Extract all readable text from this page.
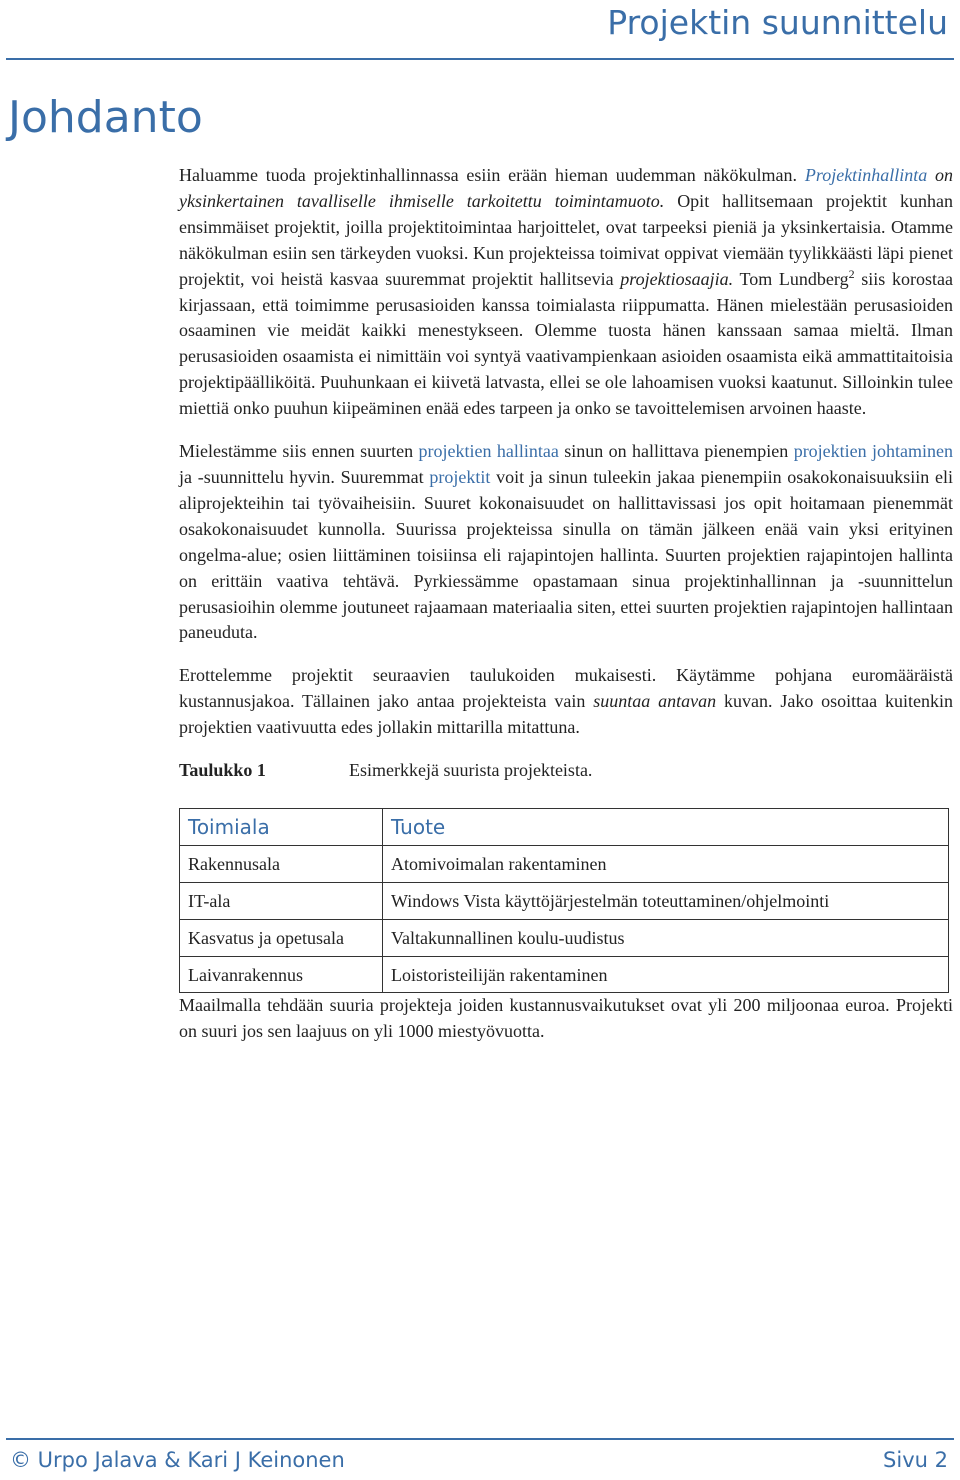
Projektin suunnittelu
Johdanto

Haluamme tuoda projektinhallinnassa esiin erään hieman uudemman näkökulman. Projektinhallinta on yksinkertainen tavalliselle ihmiselle tarkoitettu toimintamuoto. Opit hallitsemaan projektit kunhan ensimmäiset projektit, joilla projektitoimintaa harjoittelet, ovat tarpeeksi pieniä ja yksinkertaisia. Otamme näkökulman esiin sen tärkeyden vuoksi. Kun projekteissa toimivat oppivat viemään tyylikkäästi läpi pienet projektit, voi heistä kasvaa suuremmat projektit hallitsevia projektiosaajia. Tom Lundberg$^2$ siis korostaa kirjassaan, että toimimme perusasioiden kanssa toimialasta riippumatta. Hänen mielestään perusasioiden osaaminen vie meidät kaikki menestykseen. Olemme tuosta hänen kanssaan samaa mieltä. Ilman perusasioiden osaamista ei nimittäin voi syntyä vaativampienkaan asioiden osaamista eikä ammattitaitoisia projektipäälliköitä. Puuhunkaan ei kiivetä latvasta, ellei se ole lahoamisen vuoksi kaatunut. Silloinkin tulee miettiä onko puuhun kiipeäminen enää edes tarpeen ja onko se tavoittelemisen arvoinen haaste.

Mielestämme siis ennen suurten projektien hallintaa sinun on hallittava pienempien projektien johtaminen ja -suunnittelu hyvin. Suuremmat projektit voit ja sinun tuleekin jakaa pienempiin osakokonaisuuksiin eli aliprojekteihin tai työvaiheisiin. Suuret kokonaisuudet on hallittavissasi jos opit hoitamaan pienemmät osakokonaisuudet kunnolla. Suurissa projekteissa sinulla on tämän jälkeen enää vain yksi erityinen ongelma-alue; osien liittäminen toisiinsa eli rajapintojen hallinta. Suurten projektien rajapintojen hallinta on erittäin vaativa tehtävä. Pyrkiessämme opastamaan sinua projektinhallinnan ja -suunnittelun perusasioihin olemme joutuneet rajaamaan materiaalia siten, ettei suurten projektien rajapintojen hallintaan paneuduta.

Erottelemme projektit seuraavien taulukoiden mukaisesti. Käytämme pohjana euromääräistä kustannusjakoa. Tällainen jako antaa projekteista vain suuntaa antavan kuvan. Jako osoittaa kuitenkin projektien vaativuutta edes jollakin mittarilla mitattuna.

Taulukko 1	Esimerkkejä suurista projekteista.
Toimiala	Tuote
Rakennusala	Atomivoimalan rakentaminen
IT-ala	Windows Vista käyttöjärjestelmän toteuttaminen/ohjelmointi
Kasvatus ja opetusala	Valtakunnallinen koulu-uudistus
Laivanrakennus	Loistoristeilijän rakentaminen

Maailmalla tehdään suuria projekteja joiden kustannusvaikutukset ovat yli 200 miljoonaa euroa. Projekti on suuri jos sen laajuus on yli 1000 miestyövuotta.

© Urpo Jalava & Kari J Keinonen	Sivu 2
